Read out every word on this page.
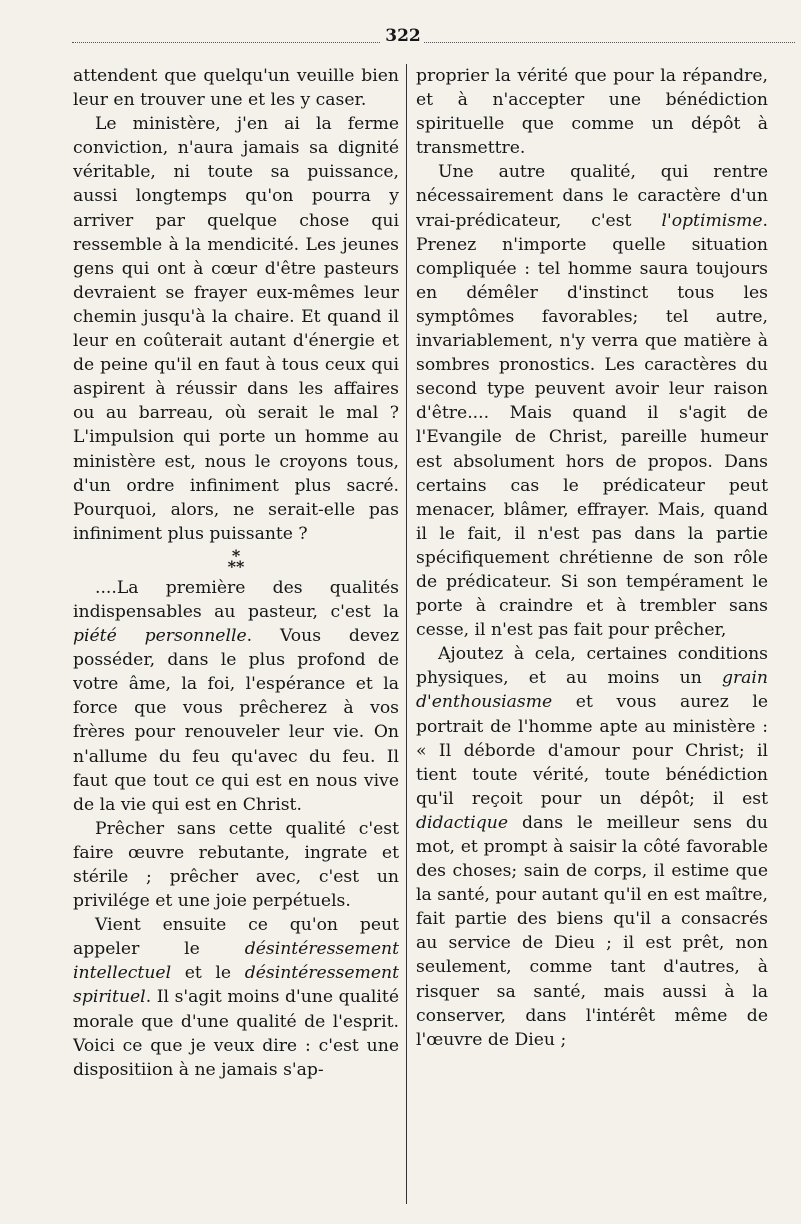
322

attendent que quelqu'un veuille bien leur en trouver une et les y caser.

Le ministère, j'en ai la ferme conviction, n'aura jamais sa dignité véritable, ni toute sa puissance, aussi longtemps qu'on pourra y arriver par quelque chose qui ressemble à la mendicité. Les jeunes gens qui ont à cœur d'être pasteurs devraient se frayer eux-mêmes leur chemin jusqu'à la chaire. Et quand il leur en coûterait autant d'énergie et de peine qu'il en faut à tous ceux qui aspirent à réussir dans les affaires ou au barreau, où serait le mal ? L'impulsion qui porte un homme au ministère est, nous le croyons tous, d'un ordre infiniment plus sacré. Pourquoi, alors, ne serait-elle pas infiniment plus puissante ?

*
**

....La première des qualités indispensables au pasteur, c'est la piété personnelle. Vous devez posséder, dans le plus profond de votre âme, la foi, l'espérance et la force que vous prêcherez à vos frères pour renouveler leur vie. On n'allume du feu qu'avec du feu. Il faut que tout ce qui est en nous vive de la vie qui est en Christ.

Prêcher sans cette qualité c'est faire œuvre rebutante, ingrate et stérile ; prêcher avec, c'est un privilége et une joie perpétuels.

Vient ensuite ce qu'on peut appeler le désintéressement intellectuel et le désintéressement spirituel. Il s'agit moins d'une qualité morale que d'une qualité de l'esprit. Voici ce que je veux dire : c'est une dispositiion à ne jamais s'ap-

proprier la vérité que pour la répandre, et à n'accepter une bénédiction spirituelle que comme un dépôt à transmettre.

Une autre qualité, qui rentre nécessairement dans le caractère d'un vrai-prédicateur, c'est l'optimisme. Prenez n'importe quelle situation compliquée : tel homme saura toujours en démêler d'instinct tous les symptômes favorables; tel autre, invariablement, n'y verra que matière à sombres pronostics. Les caractères du second type peuvent avoir leur raison d'être.... Mais quand il s'agit de l'Evangile de Christ, pareille humeur est absolument hors de propos. Dans certains cas le prédicateur peut menacer, blâmer, effrayer. Mais, quand il le fait, il n'est pas dans la partie spécifiquement chrétienne de son rôle de prédicateur. Si son tempérament le porte à craindre et à trembler sans cesse, il n'est pas fait pour prêcher,

Ajoutez à cela, certaines conditions physiques, et au moins un grain d'enthousiasme et vous aurez le portrait de l'homme apte au ministère : « Il déborde d'amour pour Christ; il tient toute vérité, toute bénédiction qu'il reçoit pour un dépôt; il est didactique dans le meilleur sens du mot, et prompt à saisir la côté favorable des choses; sain de corps, il estime que la santé, pour autant qu'il en est maître, fait partie des biens qu'il a consacrés au service de Dieu ; il est prêt, non seulement, comme tant d'autres, à risquer sa santé, mais aussi à la conserver, dans l'intérêt même de l'œuvre de Dieu ;
